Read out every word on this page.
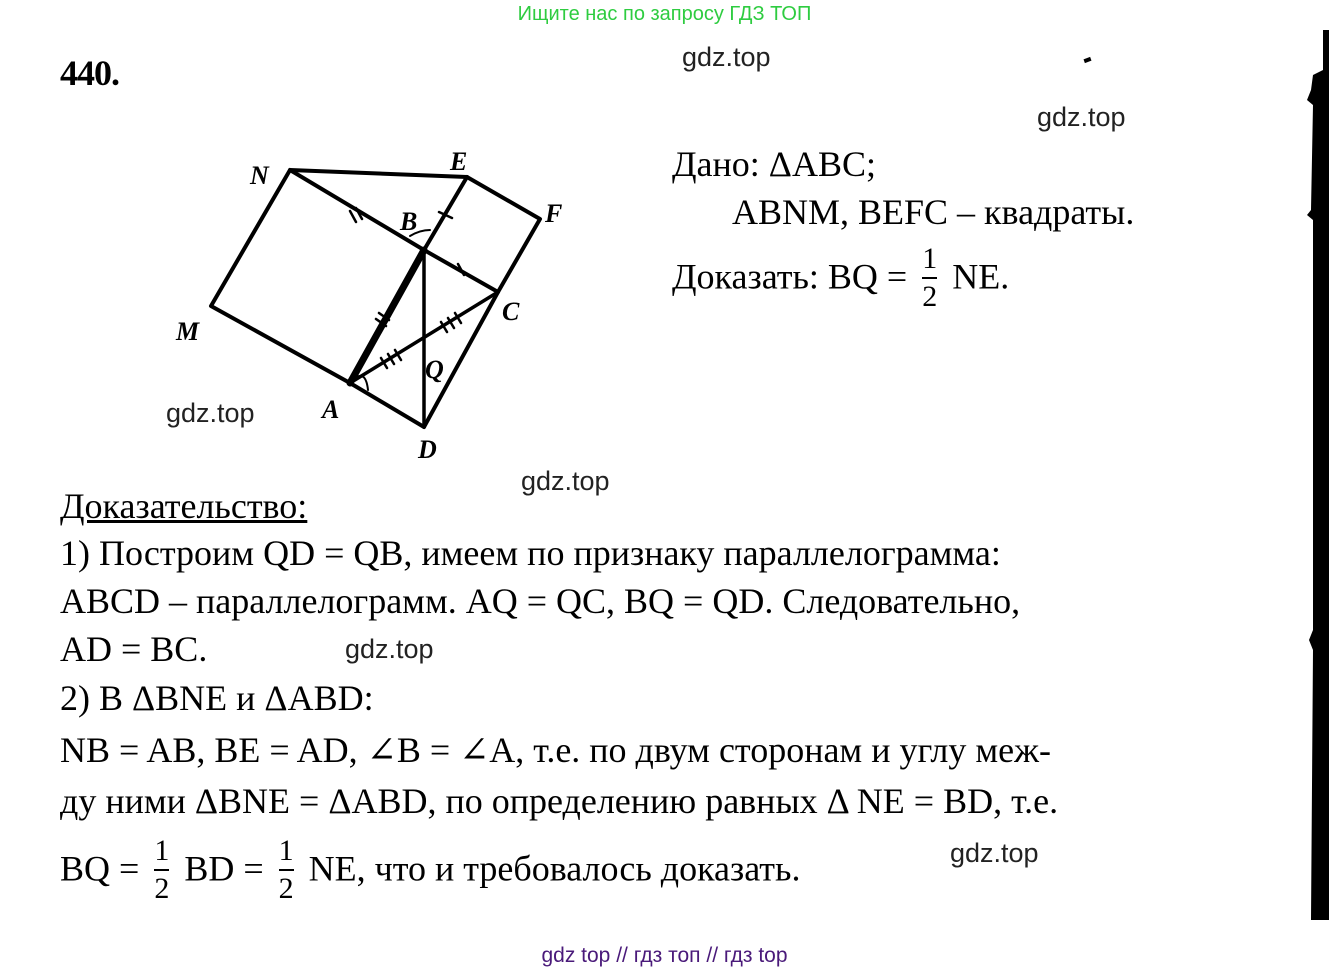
Ищите нас по запросу ГДЗ ТОП
440.	gdz.top
gdz.top
gdz.top
gdz.top
gdz.top
gdz.top
N	E
F
B
M
C
Q
A
D
Дано: ΔABC;
ABNM, BEFC – квадраты.
Доказать: BQ = $\frac{1}{2}$ NE.
Доказательство:
1) Построим QD = QB, имеем по признаку параллелограмма:
ABCD – параллелограмм. AQ = QC, BQ = QD. Следовательно,
AD = BC.
2) В ΔBNE и ΔABD:
NB = AB, BE = AD, ∠B = ∠A, т.е. по двум сторонам и углу меж-
ду ними ΔBNE = ΔABD, по определению равных Δ NE = BD, т.е.
BQ = $\frac{1}{2}$ BD = $\frac{1}{2}$ NE, что и требовалось доказать.
gdz top // гдз топ // гдз top
